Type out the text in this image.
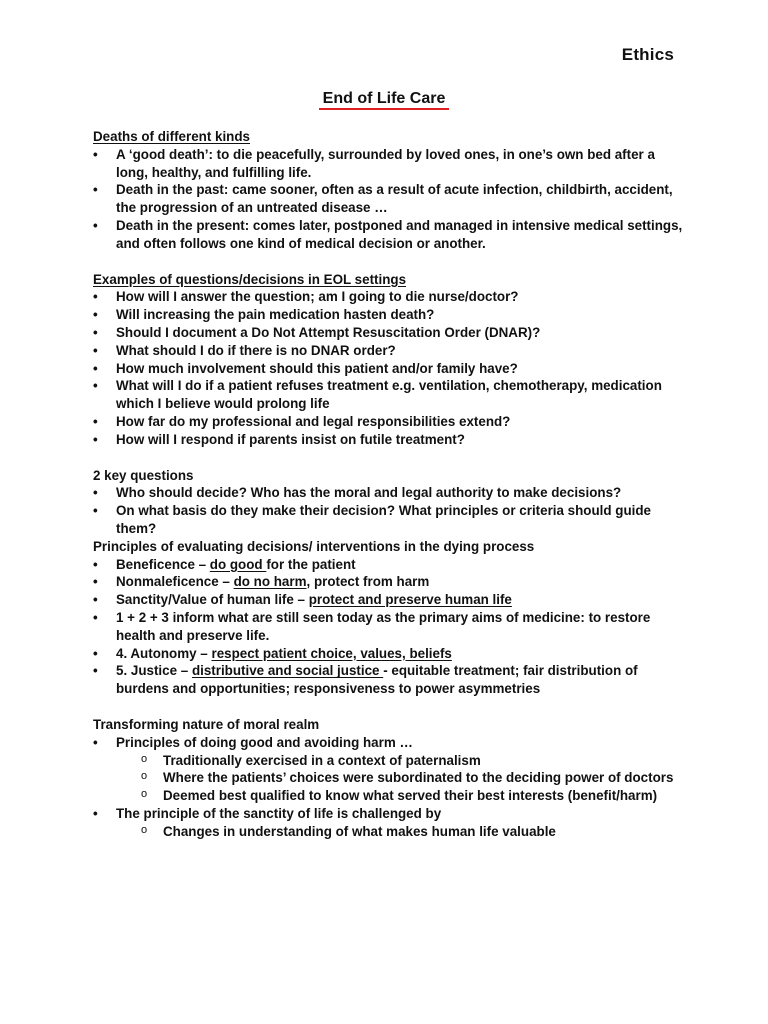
Ethics
End of Life Care
Deaths of different kinds
• A ‘good death’: to die peacefully, surrounded by loved ones, in one’s own bed after a long, healthy, and fulfilling life.
• Death in the past: came sooner, often as a result of acute infection, childbirth, accident, the progression of an untreated disease …
• Death in the present: comes later, postponed and managed in intensive medical settings, and often follows one kind of medical decision or another.
Examples of questions/decisions in EOL settings
• How will I answer the question; am I going to die nurse/doctor?
• Will increasing the pain medication hasten death?
• Should I document a Do Not Attempt Resuscitation Order (DNAR)?
• What should I do if there is no DNAR order?
• How much involvement should this patient and/or family have?
• What will I do if a patient refuses treatment e.g. ventilation, chemotherapy, medication which I believe would prolong life
• How far do my professional and legal responsibilities extend?
• How will I respond if parents insist on futile treatment?
2 key questions
• Who should decide? Who has the moral and legal authority to make decisions?
• On what basis do they make their decision? What principles or criteria should guide them?
Principles of evaluating decisions/ interventions in the dying process
• Beneficence – do good for the patient
• Nonmaleficence – do no harm, protect from harm
• Sanctity/Value of human life – protect and preserve human life
• 1 + 2 + 3 inform what are still seen today as the primary aims of medicine: to restore health and preserve life.
• 4. Autonomy – respect patient choice, values, beliefs
• 5. Justice – distributive and social justice - equitable treatment; fair distribution of burdens and opportunities; responsiveness to power asymmetries
Transforming nature of moral realm
• Principles of doing good and avoiding harm …
o Traditionally exercised in a context of paternalism
o Where the patients’ choices were subordinated to the deciding power of doctors
o Deemed best qualified to know what served their best interests (benefit/harm)
• The principle of the sanctity of life is challenged by
o Changes in understanding of what makes human life valuable
